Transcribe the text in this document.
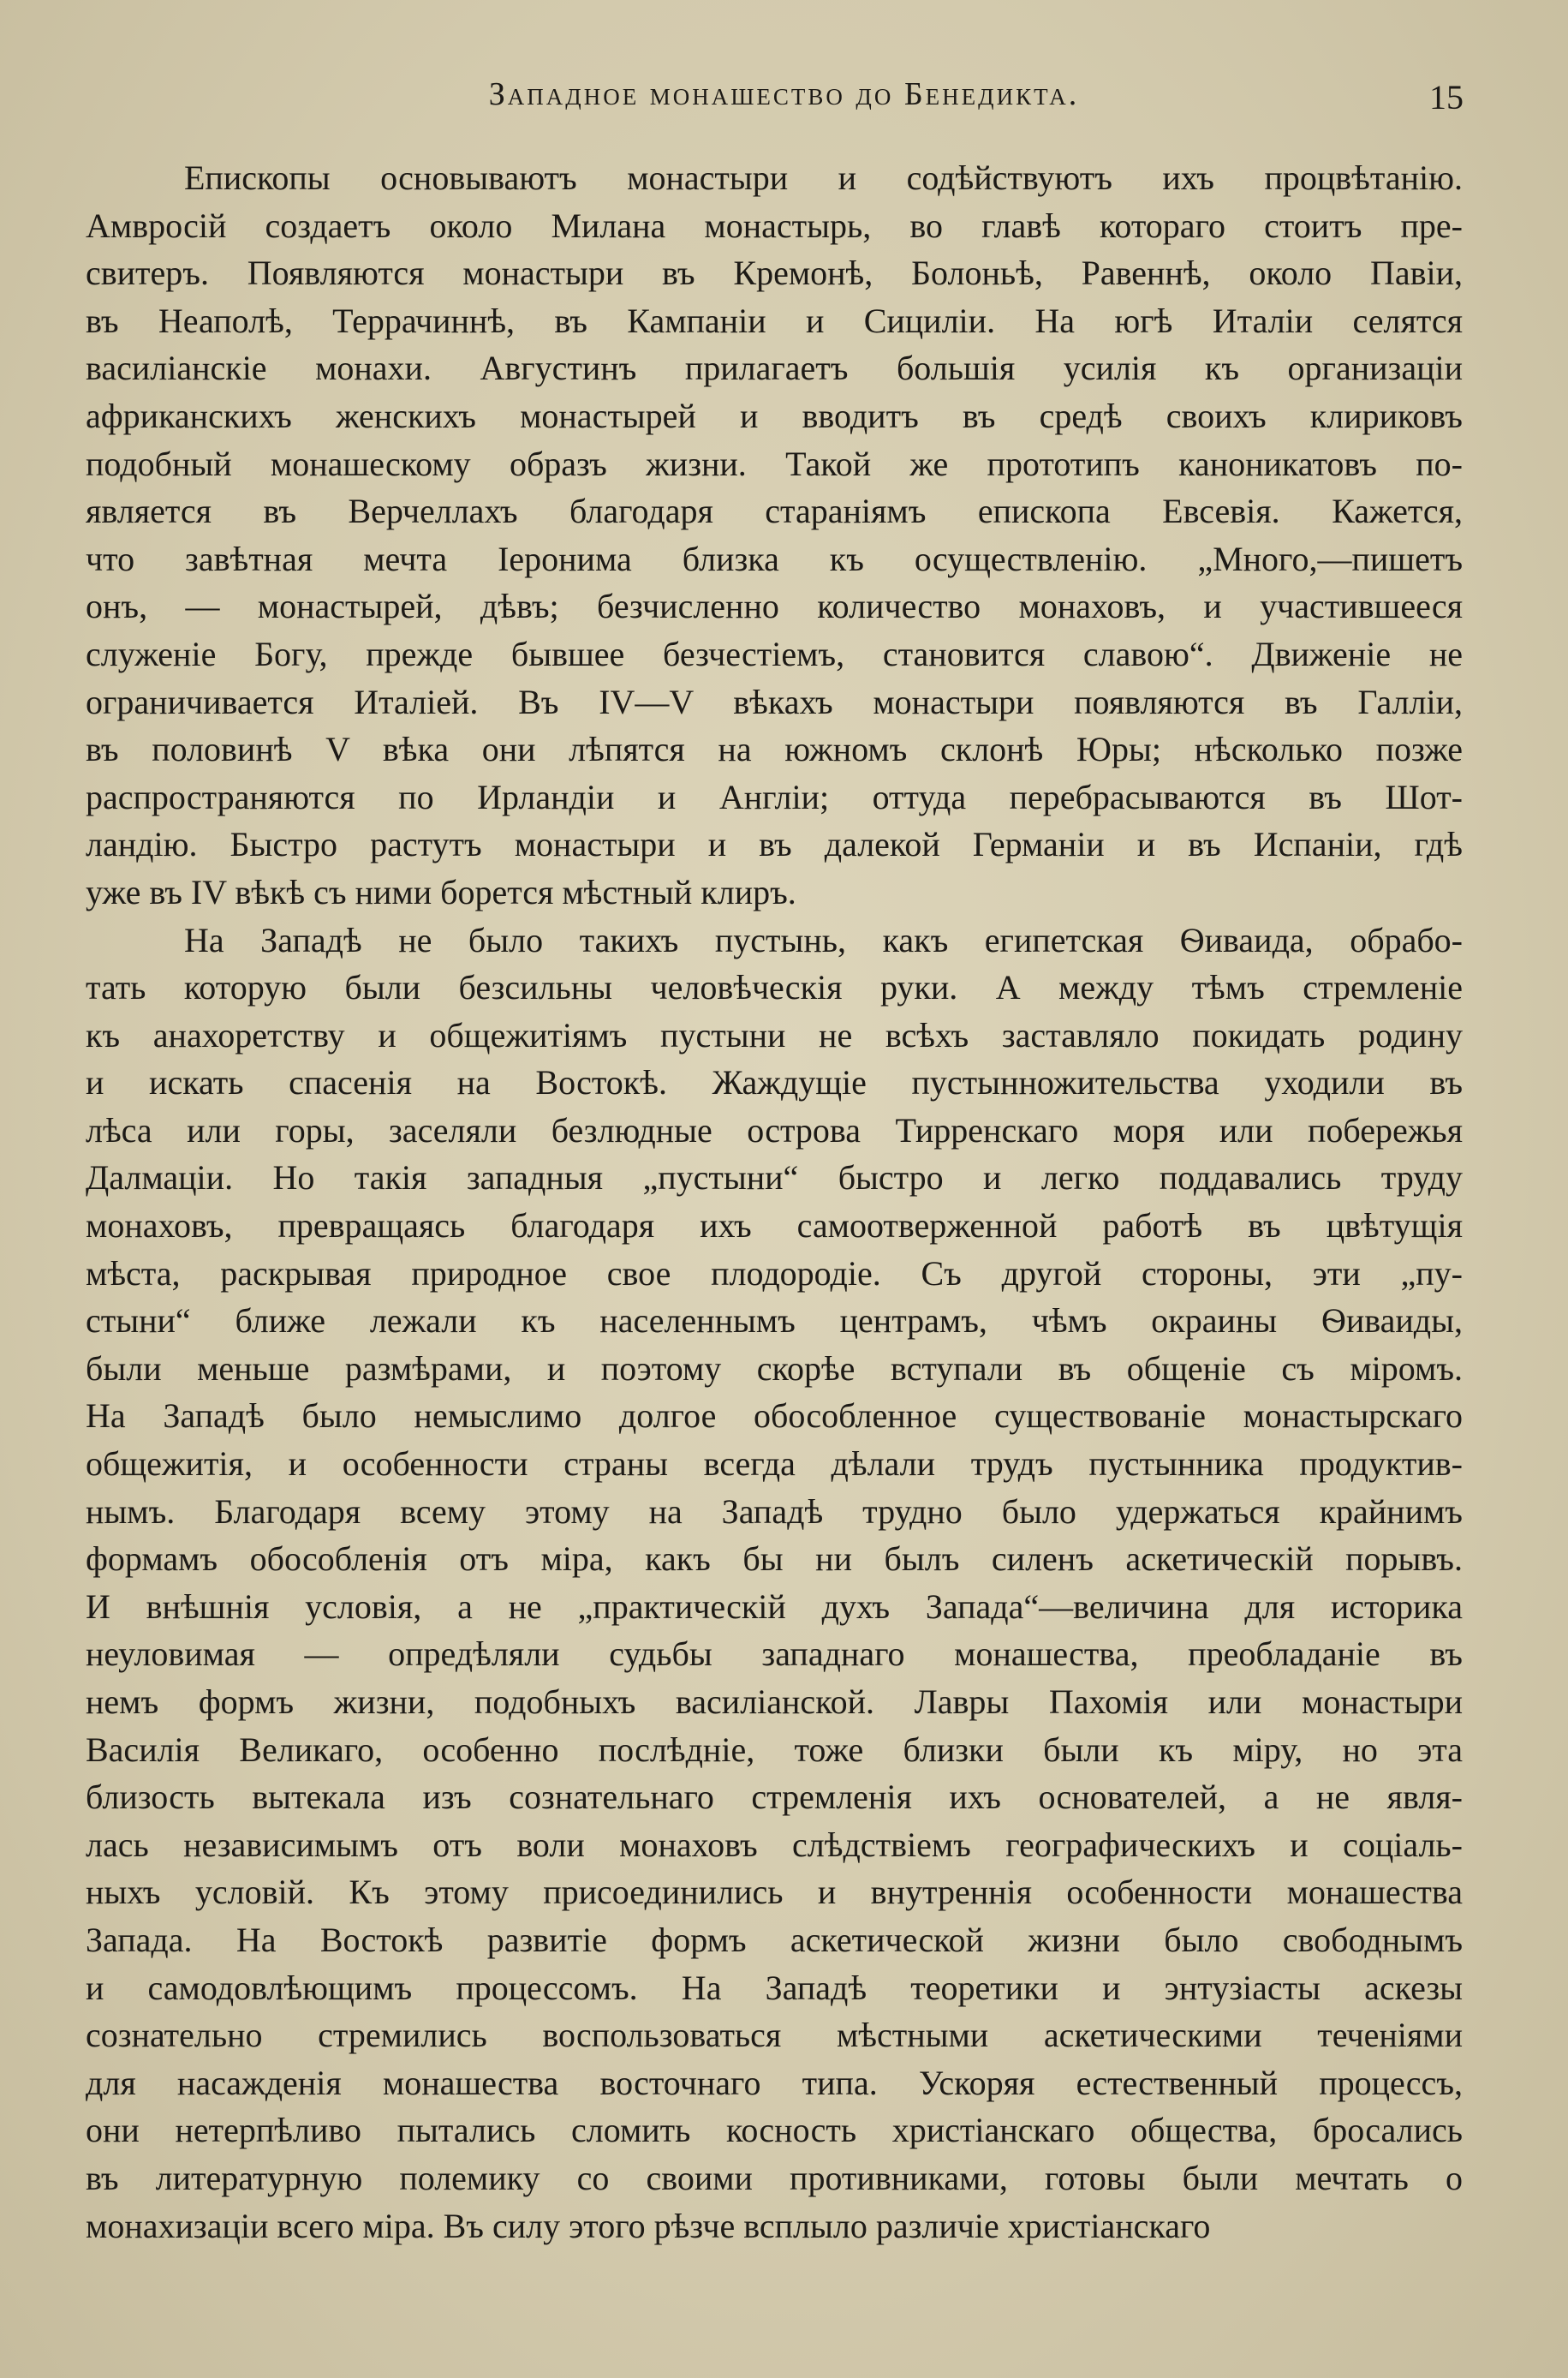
Западное монашество до Бенедикта.	15
Епископы основываютъ монастыри и содѣйствуютъ ихъ процвѣтанію.
Амвросій создаетъ около Милана монастырь, во главѣ котораго стоитъ пре-
свитеръ. Появляются монастыри въ Кремонѣ, Болоньѣ, Равеннѣ, около Павіи,
въ Неаполѣ, Террачиннѣ, въ Кампаніи и Сициліи. На югѣ Италіи селятся
василіанскіе монахи. Августинъ прилагаетъ большія усилія къ организаціи
африканскихъ женскихъ монастырей и вводитъ въ средѣ своихъ клириковъ
подобный монашескому образъ жизни. Такой же прототипъ каноникатовъ по-
является въ Верчеллахъ благодаря стараніямъ епископа Евсевія. Кажется,
что завѣтная мечта Іеронима близка къ осуществленію. „Много,—пишетъ
онъ, — монастырей, дѣвъ; безчисленно количество монаховъ, и участившееся
служеніе Богу, прежде бывшее безчестіемъ, становится славою“. Движеніе не
ограничивается Италіей. Въ IV—V вѣкахъ монастыри появляются въ Галліи,
въ половинѣ V вѣка они лѣпятся на южномъ склонѣ Юры; нѣсколько позже
распространяются по Ирландіи и Англіи; оттуда перебрасываются въ Шот-
ландію. Быстро растутъ монастыри и въ далекой Германіи и въ Испаніи, гдѣ
уже въ IV вѣкѣ съ ними борется мѣстный клиръ.
На Западѣ не было такихъ пустынь, какъ египетская Ѳиваида, обрабо-
тать которую были безсильны человѣческія руки. А между тѣмъ стремленіе
къ анахоретству и общежитіямъ пустыни не всѣхъ заставляло покидать родину
и искать спасенія на Востокѣ. Жаждущіе пустынножительства уходили въ
лѣса или горы, заселяли безлюдные острова Тирренскаго моря или побережья
Далмаціи. Но такія западныя „пустыни“ быстро и легко поддавались труду
монаховъ, превращаясь благодаря ихъ самоотверженной работѣ въ цвѣтущія
мѣста, раскрывая природное свое плодородіе. Съ другой стороны, эти „пу-
стыни“ ближе лежали къ населеннымъ центрамъ, чѣмъ окраины Ѳиваиды,
были меньше размѣрами, и поэтому скорѣе вступали въ общеніе съ міромъ.
На Западѣ было немыслимо долгое обособленное существованіе монастырскаго
общежитія, и особенности страны всегда дѣлали трудъ пустынника продуктив-
нымъ. Благодаря всему этому на Западѣ трудно было удержаться крайнимъ
формамъ обособленія отъ міра, какъ бы ни былъ силенъ аскетическій порывъ.
И внѣшнія условія, а не „практическій духъ Запада“—величина для историка
неуловимая — опредѣляли судьбы западнаго монашества, преобладаніе въ
немъ формъ жизни, подобныхъ василіанской. Лавры Пахомія или монастыри
Василія Великаго, особенно послѣдніе, тоже близки были къ міру, но эта
близость вытекала изъ сознательнаго стремленія ихъ основателей, а не явля-
лась независимымъ отъ воли монаховъ слѣдствіемъ географическихъ и соціаль-
ныхъ условій. Къ этому присоединились и внутреннія особенности монашества
Запада. На Востокѣ развитіе формъ аскетической жизни было свободнымъ
и самодовлѣющимъ процессомъ. На Западѣ теоретики и энтузіасты аскезы
сознательно стремились воспользоваться мѣстными аскетическими теченіями
для насажденія монашества восточнаго типа. Ускоряя естественный процессъ,
они нетерпѣливо пытались сломить косность христіанскаго общества, бросались
въ литературную полемику со своими противниками, готовы были мечтать о
монахизаціи всего міра. Въ силу этого рѣзче всплыло различіе христіанскаго
